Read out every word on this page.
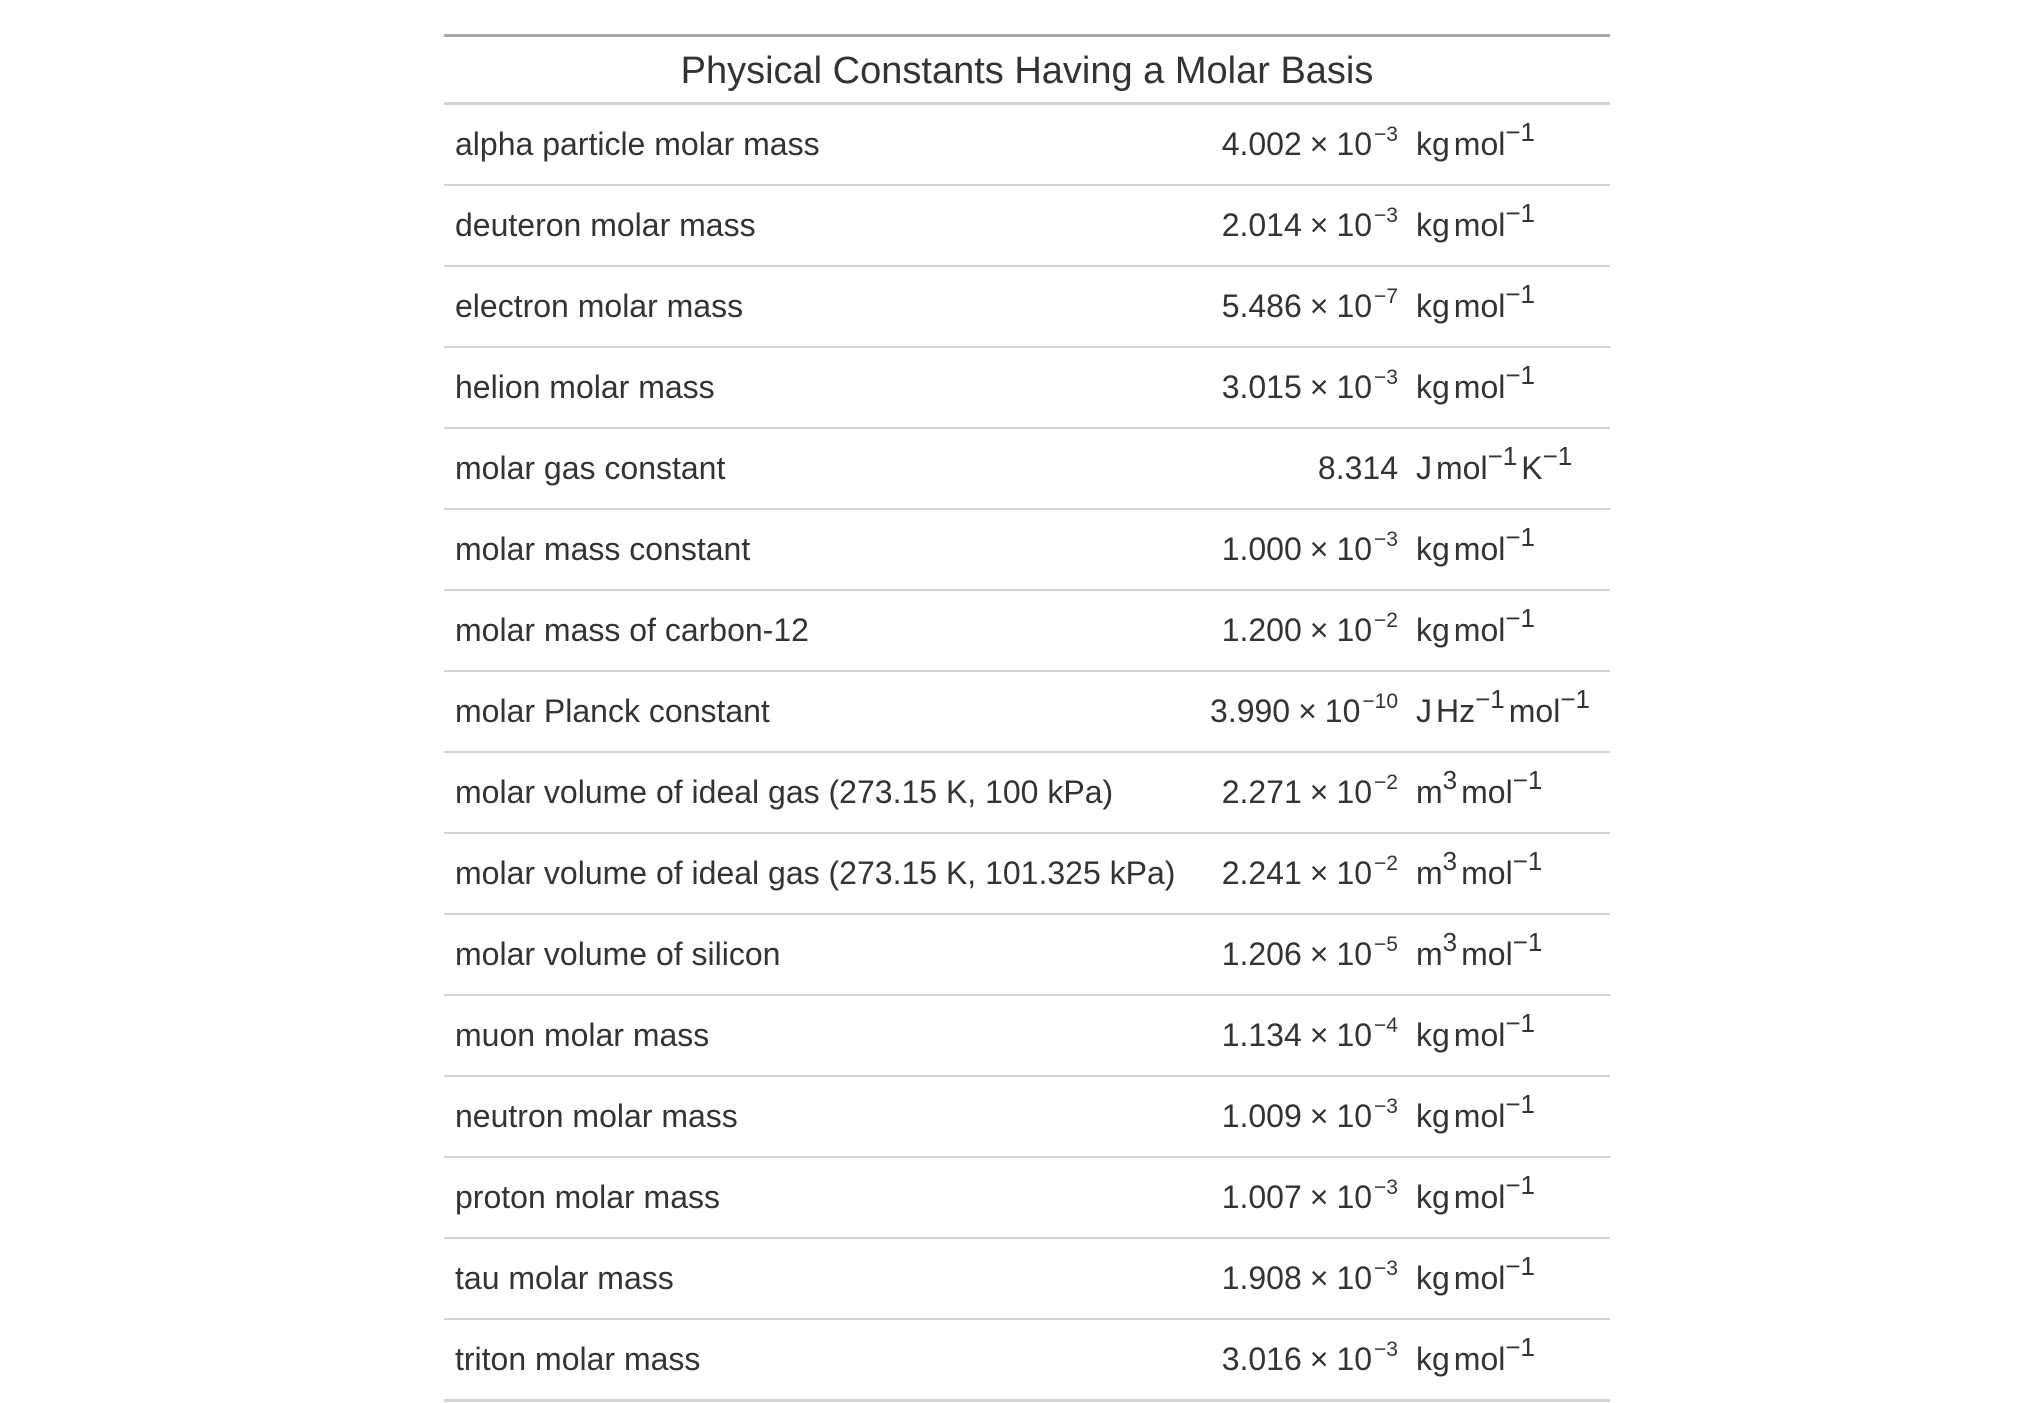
Physical Constants Having a Molar Basis
alpha particle molar mass	$4.002 \times 10^{-3}$ kg mol$^{-1}$
deuteron molar mass	$2.014 \times 10^{-3}$ kg mol$^{-1}$
electron molar mass	$5.486 \times 10^{-7}$ kg mol$^{-1}$
helion molar mass	$3.015 \times 10^{-3}$ kg mol$^{-1}$
molar gas constant	8.314 J mol$^{-1}$ $K^{-1}$
molar mass constant	$1.000 \times 10^{-3}$ kg mol$^{-1}$
molar mass of carbon-12	$1.200 \times 10^{-2}$ kg mol$^{-1}$
molar Planck constant	$3.990 \times 10^{-10}$ J $Hz^{-1}$ mol$^{-1}$
molar volume of ideal gas (273.15 K, 100 kPa)	$2.271 \times 10^{-2}$ $m^3$ mol$^{-1}$
molar volume of ideal gas (273.15 K, 101.325 kPa) $2.241 \times 10^{-2}$ $m^3$ mol$^{-1}$
molar volume of silicon	$1.206 \times 10^{-5}$ $m^3$ mol$^{-1}$
muon molar mass	$1.134 \times 10^{-4}$ kg mol$^{-1}$
neutron molar mass	$1.009 \times 10^{-3}$ kg mol$^{-1}$
proton molar mass	$1.007 \times 10^{-3}$ kg mol$^{-1}$
tau molar mass	$1.908 \times 10^{-3}$ kg mol$^{-1}$
triton molar mass	$3.016 \times 10^{-3}$ kg mol$^{-1}$
